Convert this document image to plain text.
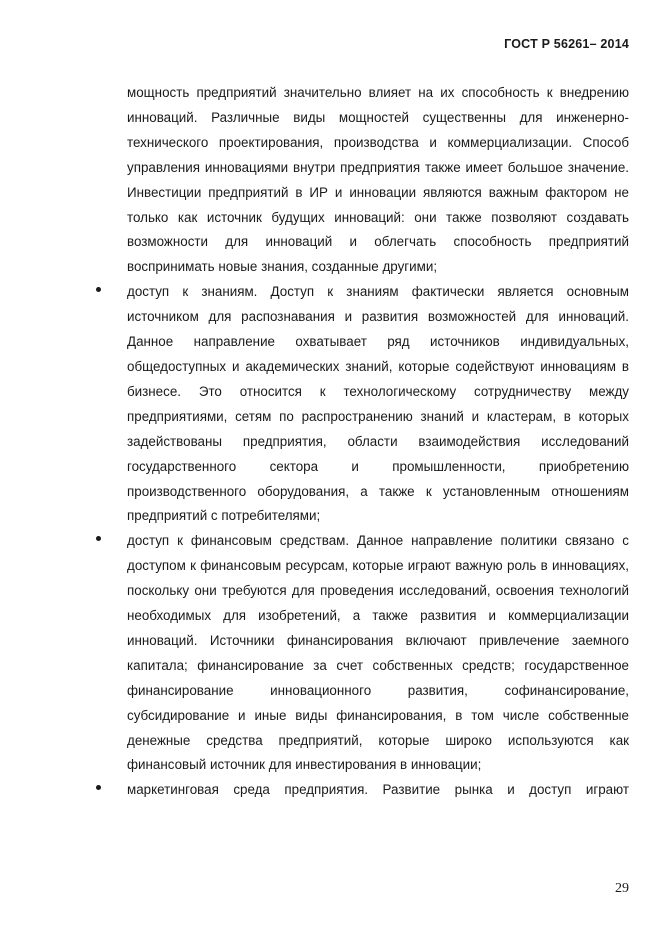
ГОСТ Р 56261– 2014

мощность предприятий значительно влияет на их способность к внедрению инноваций. Различные виды мощностей существенны для инженерно-технического проектирования, производства и коммерциализации. Способ управления инновациями внутри предприятия также имеет большое значение. Инвестиции предприятий в ИР и инновации являются важным фактором не только как источник будущих инноваций: они также позволяют создавать возможности для инноваций и облегчать способность предприятий воспринимать новые знания, созданные другими;

доступ к знаниям. Доступ к знаниям фактически является основным источником для распознавания и развития возможностей для инноваций. Данное направление охватывает ряд источников индивидуальных, общедоступных и академических знаний, которые содействуют инновациям в бизнесе. Это относится к технологическому сотрудничеству между предприятиями, сетям по распространению знаний и кластерам, в которых задействованы предприятия, области взаимодействия исследований государственного сектора и промышленности, приобретению производственного оборудования, а также к установленным отношениям предприятий с потребителями;

доступ к финансовым средствам. Данное направление политики связано с доступом к финансовым ресурсам, которые играют важную роль в инновациях, поскольку они требуются для проведения исследований, освоения технологий необходимых для изобретений, а также развития и коммерциализации инноваций. Источники финансирования включают привлечение заемного капитала; финансирование за счет собственных средств; государственное финансирование инновационного развития, софинансирование, субсидирование и иные виды финансирования, в том числе собственные денежные средства предприятий, которые широко используются как финансовый источник для инвестирования в инновации;

маркетинговая среда предприятия. Развитие рынка и доступ играют

29
